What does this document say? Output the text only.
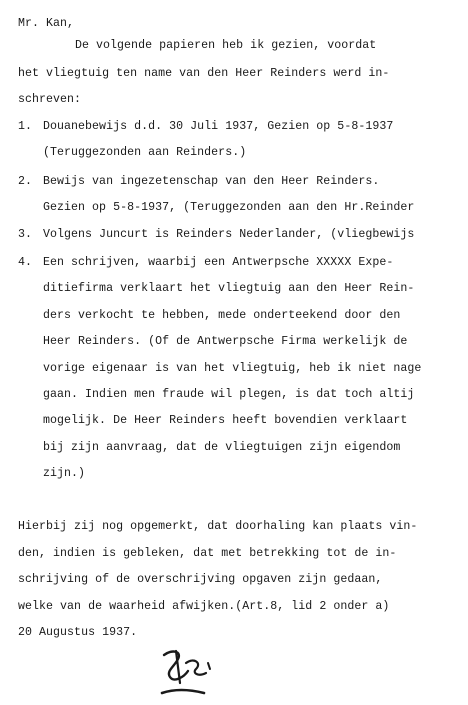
Mr. Kan,
De volgende papieren heb ik gezien, voordat
het vliegtuig ten name van den Heer Reinders werd in-
schreven:
1. Douanebewijs d.d. 30 Juli 1937, Gezien op 5-8-1937
(Teruggezonden aan Reinders.)
2. Bewijs van ingezetenschap van den Heer Reinders.
Gezien op 5-8-1937, (Teruggezonden aan den Hr.Reinder
3. Volgens Juncurt is Reinders Nederlander, (vliegbewijs
4. Een schrijven, waarbij een Antwerpsche XXXXX Expe-
ditiefirma verklaart het vliegtuig aan den Heer Rein-
ders verkocht te hebben, mede onderteekend door den
Heer Reinders. (Of de Antwerpsche Firma werkelijk de
vorige eigenaar is van het vliegtuig, heb ik niet nage
gaan. Indien men fraude wil plegen, is dat toch altij
mogelijk. De Heer Reinders heeft bovendien verklaart
bij zijn aanvraag, dat de vliegtuigen zijn eigendom
zijn.)
Hierbij zij nog opgemerkt, dat doorhaling kan plaats vin-
den, indien is gebleken, dat met betrekking tot de in-
schrijving of de overschrijving opgaven zijn gedaan,
welke van de waarheid afwijken.(Art.8, lid 2 onder a)
20 Augustus 1937.
